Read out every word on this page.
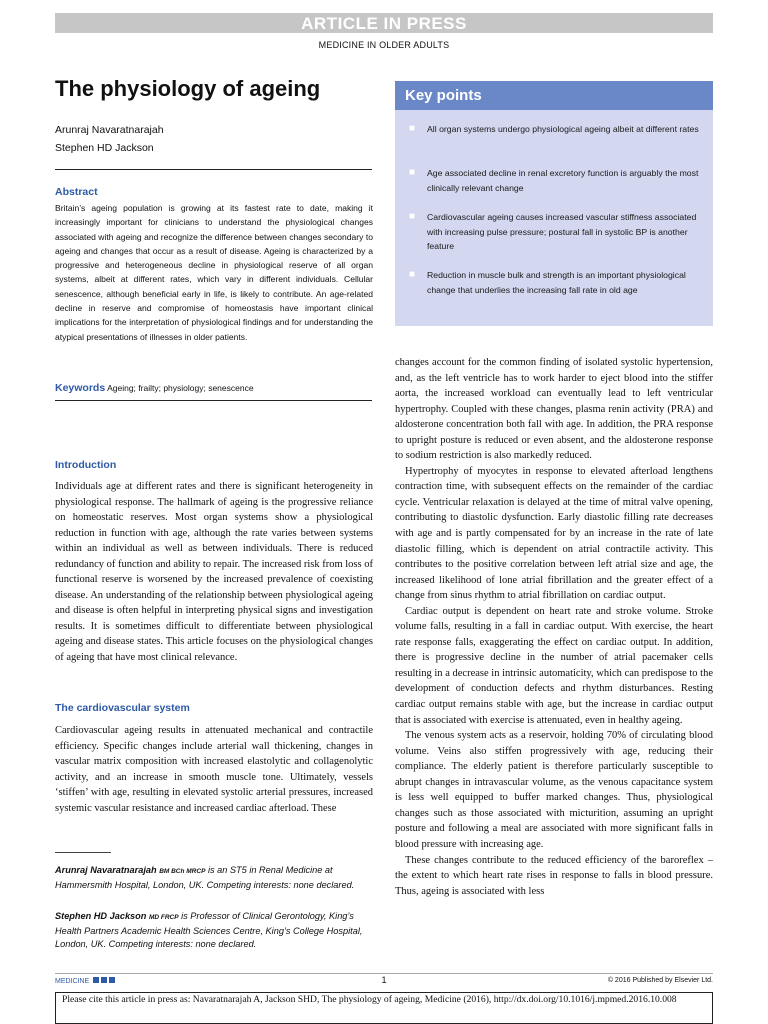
ARTICLE IN PRESS
MEDICINE IN OLDER ADULTS
The physiology of ageing
Arunraj Navaratnarajah
Stephen HD Jackson
Key points
■ All organ systems undergo physiological ageing albeit at different rates
■ Age associated decline in renal excretory function is arguably the most clinically relevant change
■ Cardiovascular ageing causes increased vascular stiffness associated with increasing pulse pressure; postural fall in systolic BP is another feature
■ Reduction in muscle bulk and strength is an important physiological change that underlies the increasing fall rate in old age
Abstract
Britain’s ageing population is growing at its fastest rate to date, making it increasingly important for clinicians to understand the physiological changes associated with ageing and recognize the difference between changes secondary to ageing and changes that occur as a result of disease. Ageing is characterized by a progressive and heterogeneous decline in physiological reserve of all organ systems, albeit at different rates, which vary in different individuals. Cellular senescence, although beneficial early in life, is likely to contribute. An age-related decline in reserve and compromise of homeostasis have important clinical implications for the interpretation of physiological findings and for understanding the atypical presentations of illnesses in older patients.
Keywords Ageing; frailty; physiology; senescence
Introduction

Individuals age at different rates and there is significant heterogeneity in physiological response. The hallmark of ageing is the progressive reliance on homeostatic reserves. Most organ systems show a physiological reduction in function with age, although the rate varies between systems within an individual as well as between individuals. There is reduced redundancy of function and ability to repair. The increased risk from loss of functional reserve is worsened by the increased prevalence of coexisting disease. An understanding of the relationship between physiological ageing and disease is often helpful in interpreting physical signs and investigation results. It is sometimes difficult to differentiate between physiological ageing and disease states. This article focuses on the physiological changes of ageing that have most clinical relevance.

The cardiovascular system

Cardiovascular ageing results in attenuated mechanical and contractile efficiency. Specific changes include arterial wall thickening, changes in vascular matrix composition with increased elastolytic and collagenolytic activity, and an increase in smooth muscle tone. Ultimately, vessels ‘stiffen’ with age, resulting in elevated systolic arterial pressures, increased systemic vascular resistance and increased cardiac afterload. These

changes account for the common finding of isolated systolic hypertension, and, as the left ventricle has to work harder to eject blood into the stiffer aorta, the increased workload can eventually lead to left ventricular hypertrophy. Coupled with these changes, plasma renin activity (PRA) and aldosterone concentration both fall with age. In addition, the PRA response to upright posture is reduced or even absent, and the aldosterone response to sodium restriction is also markedly reduced.

Hypertrophy of myocytes in response to elevated afterload lengthens contraction time, with subsequent effects on the remainder of the cardiac cycle. Ventricular relaxation is delayed at the time of mitral valve opening, contributing to diastolic dysfunction. Early diastolic filling rate decreases with age and is partly compensated for by an increase in the rate of late diastolic filling, which is dependent on atrial contractile activity. This contributes to the positive correlation between left atrial size and age, the increased likelihood of lone atrial fibrillation and the greater effect of a change from sinus rhythm to atrial fibrillation on cardiac output.

Cardiac output is dependent on heart rate and stroke volume. Stroke volume falls, resulting in a fall in cardiac output. With exercise, the heart rate response falls, exaggerating the effect on cardiac output. In addition, there is progressive decline in the number of atrial pacemaker cells resulting in a decrease in intrinsic automaticity, which can predispose to the development of conduction defects and rhythm disturbances. Resting cardiac output remains stable with age, but the increase in cardiac output that is associated with exercise is attenuated, even in healthy ageing.

The venous system acts as a reservoir, holding 70% of circulating blood volume. Veins also stiffen progressively with age, reducing their compliance. The elderly patient is therefore particularly susceptible to abrupt changes in intravascular volume, as the venous capacitance system is less well equipped to buffer marked changes. Thus, physiological changes such as those associated with micturition, assuming an upright posture and following a meal are associated with more significant falls in blood pressure with increasing age.

These changes contribute to the reduced efficiency of the baroreflex – the extent to which heart rate rises in response to falls in blood pressure. Thus, ageing is associated with less

Arunraj Navaratnarajah BM BCh MRCP is an ST5 in Renal Medicine at Hammersmith Hospital, London, UK. Competing interests: none declared.
Stephen HD Jackson MD FRCP is Professor of Clinical Gerontology, King’s Health Partners Academic Health Sciences Centre, King’s College Hospital, London, UK. Competing interests: none declared.
MEDICINE	1	© 2016 Published by Elsevier Ltd.
Please cite this article in press as: Navaratnarajah A, Jackson SHD, The physiology of ageing, Medicine (2016), http://dx.doi.org/10.1016/j.mpmed.2016.10.008
